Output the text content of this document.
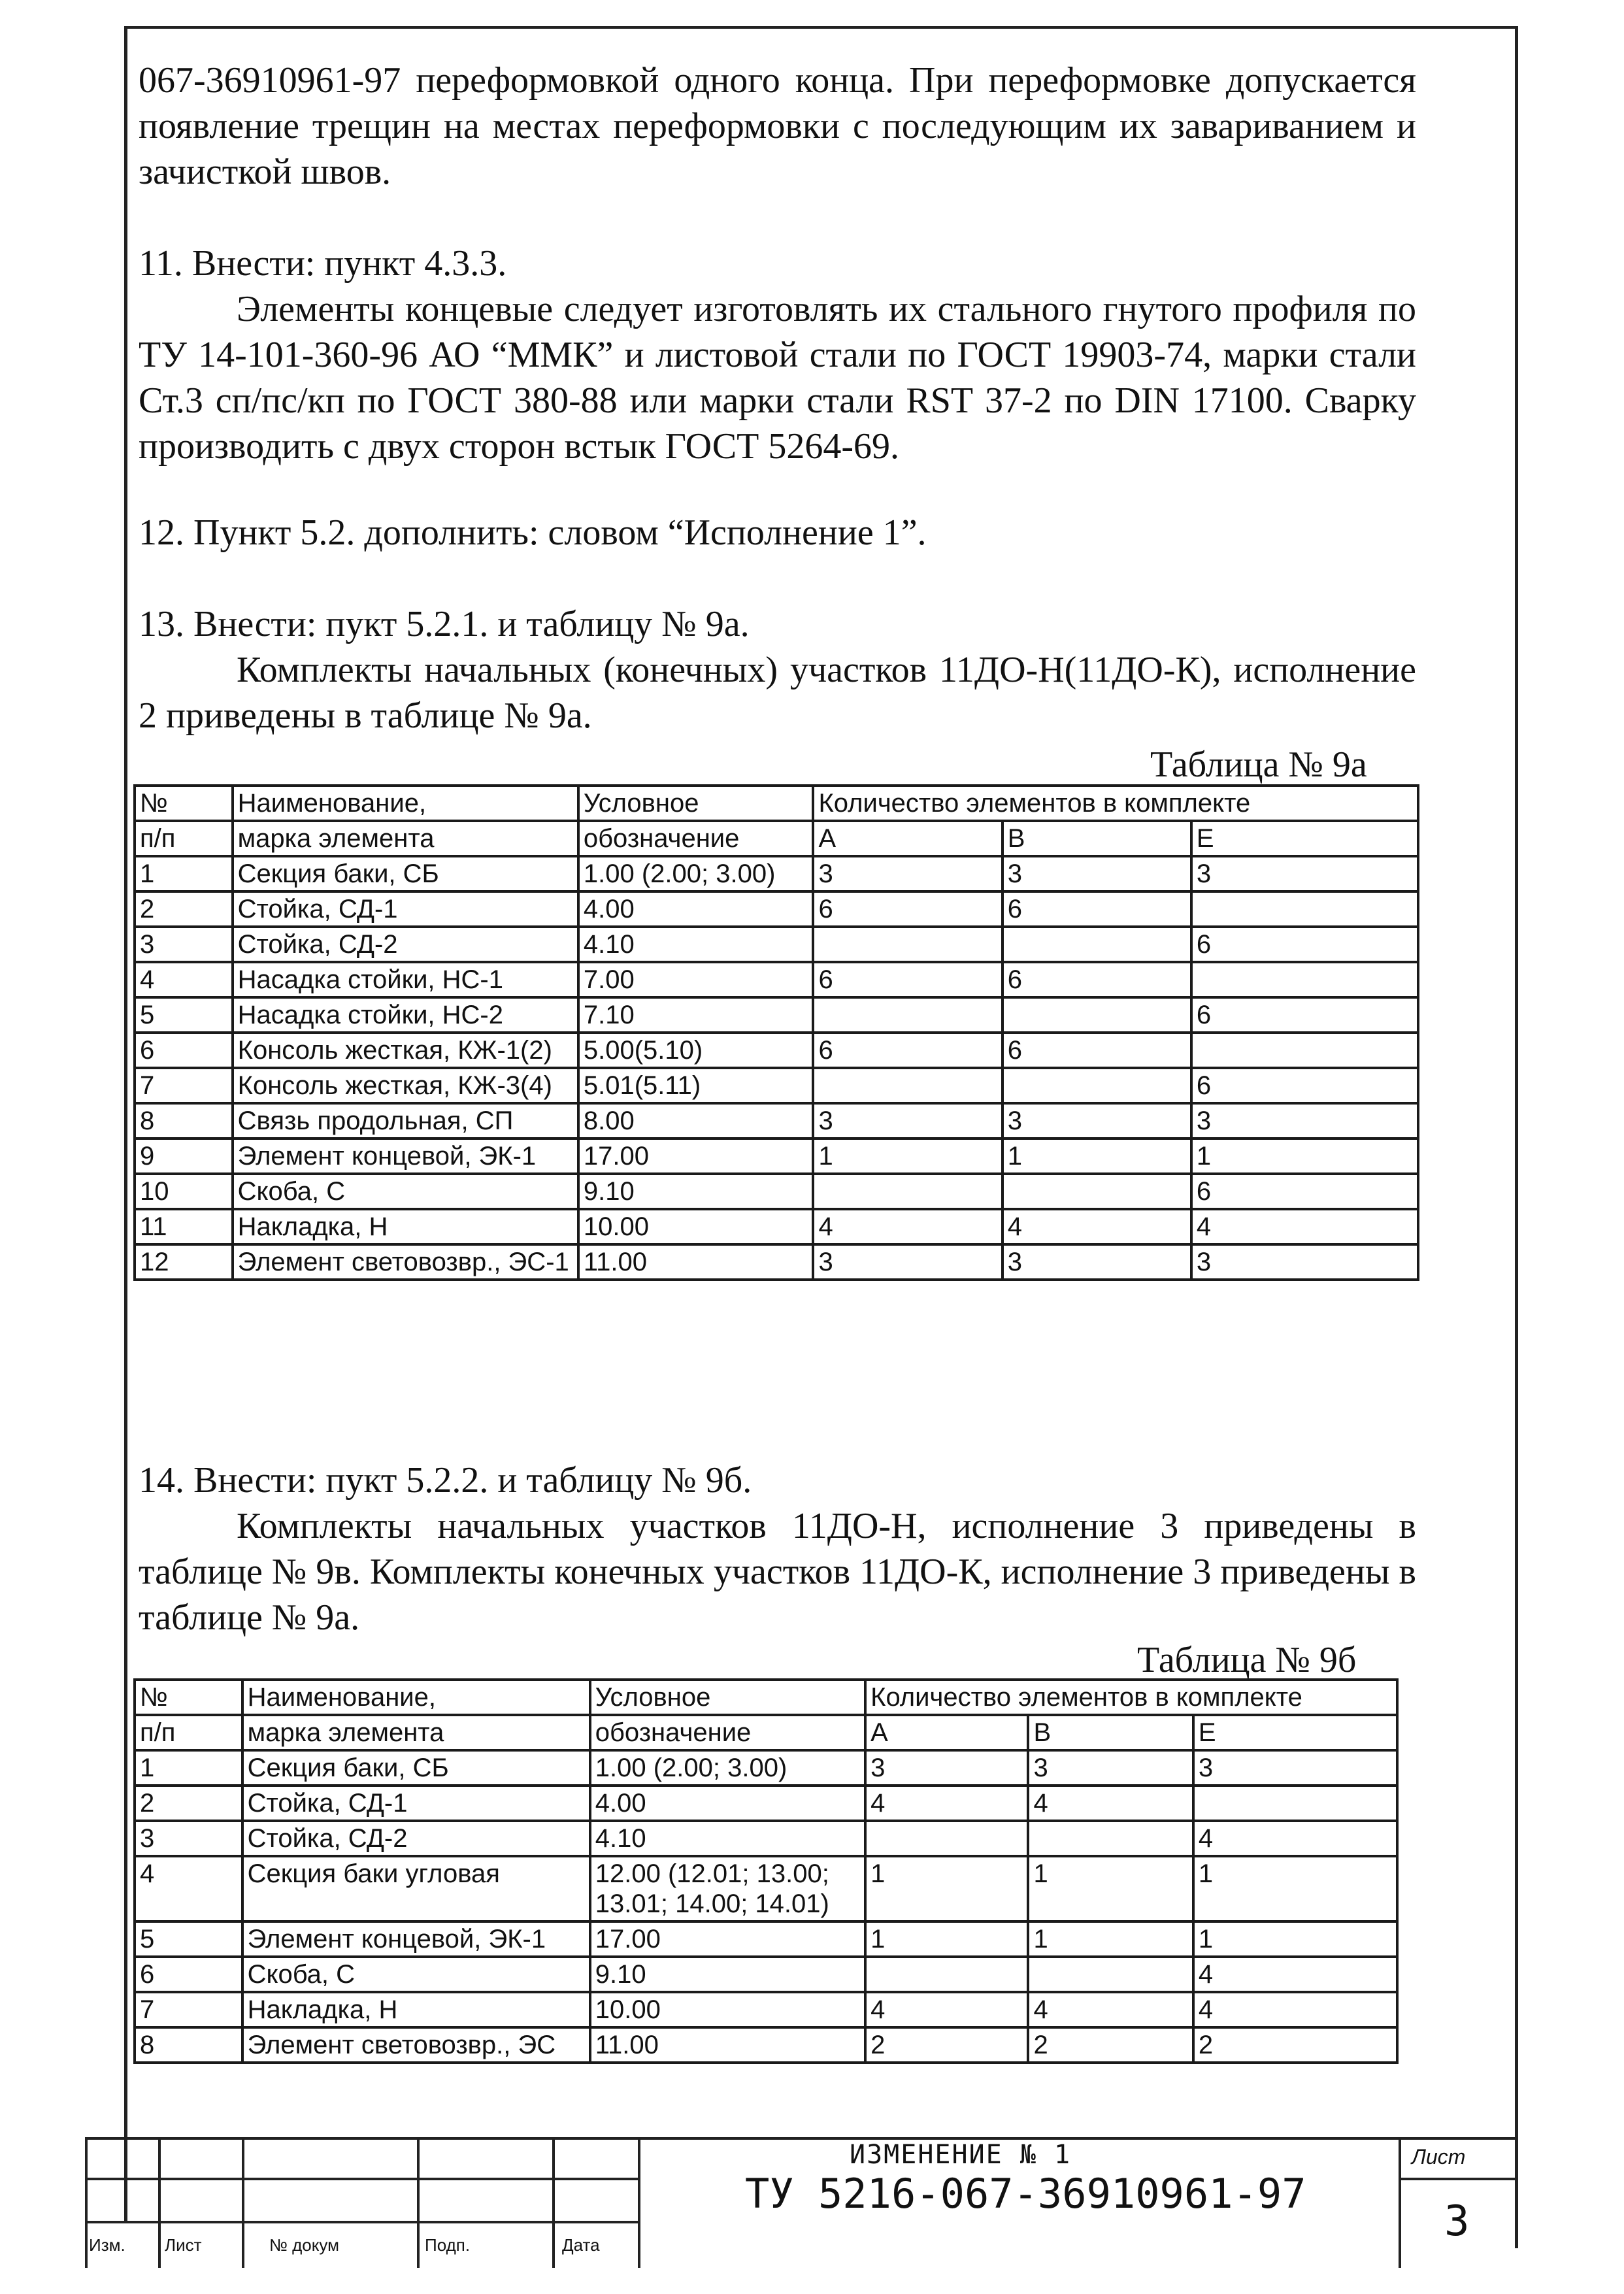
067-36910961-97 переформовкой одного конца. При переформовке допускается появление трещин на местах переформовки с последующим их завариванием и зачисткой швов.

11. Внести: пункт 4.3.3.

Элементы концевые следует изготовлять их стального гнутого профиля по ТУ 14-101-360-96 АО “ММК” и листовой стали по ГОСТ 19903-74, марки стали Ст.3 сп/пс/кп по ГОСТ 380-88 или марки стали RST 37-2 по DIN 17100. Сварку производить с двух сторон встык ГОСТ 5264-69.

12. Пункт 5.2. дополнить: словом “Исполнение 1”.
13. Внести: пукт 5.2.1. и таблицу № 9а.

Комплекты начальных (конечных) участков 11ДО-Н(11ДО-К), исполнение 2 приведены в таблице № 9а.

Таблица № 9а
№	Наименование,	Условное	Количество элементов в комплекте		
п/п	марка элемента	обозначение	А	В	Е
1	Секция баки, СБ	1.00 (2.00; 3.00)	3	3	3
2	Стойка, СД-1	4.00	6	6	
3	Стойка, СД-2	4.10			6
4	Насадка стойки, НС-1	7.00	6	6	
5	Насадка стойки, НС-2	7.10			6
6	Консоль жесткая, КЖ-1(2)	5.00(5.10)	6	6	
7	Консоль жесткая, КЖ-3(4)	5.01(5.11)			6
8	Связь продольная, СП	8.00	3	3	3
9	Элемент концевой, ЭК-1	17.00	1	1	1
10	Скоба, С	9.10			6
11	Накладка, Н	10.00	4	4	4
12	Элемент световозвр., ЭС-1	11.00	3	3	3
14. Внести: пукт 5.2.2. и таблицу № 9б.

Комплекты начальных участков 11ДО-Н, исполнение 3 приведены в таблице № 9в. Комплекты конечных участков 11ДО-К, исполнение 3 приведены в таблице № 9а.

Таблица № 9б
№	Наименование,	Условное	Количество элементов в комплекте		
п/п	марка элемента	обозначение	А	В	Е
1	Секция баки, СБ	1.00 (2.00; 3.00)	3	3	3
2	Стойка, СД-1	4.00	4	4	
3	Стойка, СД-2	4.10			4
4	Секция баки угловая	12.00 (12.01; 13.00; 13.01; 14.00; 14.01)	1	1	1
5	Элемент концевой, ЭК-1	17.00	1	1	1
6	Скоба, С	9.10			4
7	Накладка, Н	10.00	4	4	4
8	Элемент световозвр., ЭС	11.00	2	2	2
Изм. Лист	№ докум	Подп.	Дата
ИЗМЕНЕНИЕ № 1
ТУ 5216-067-36910961-97
Лист
3
